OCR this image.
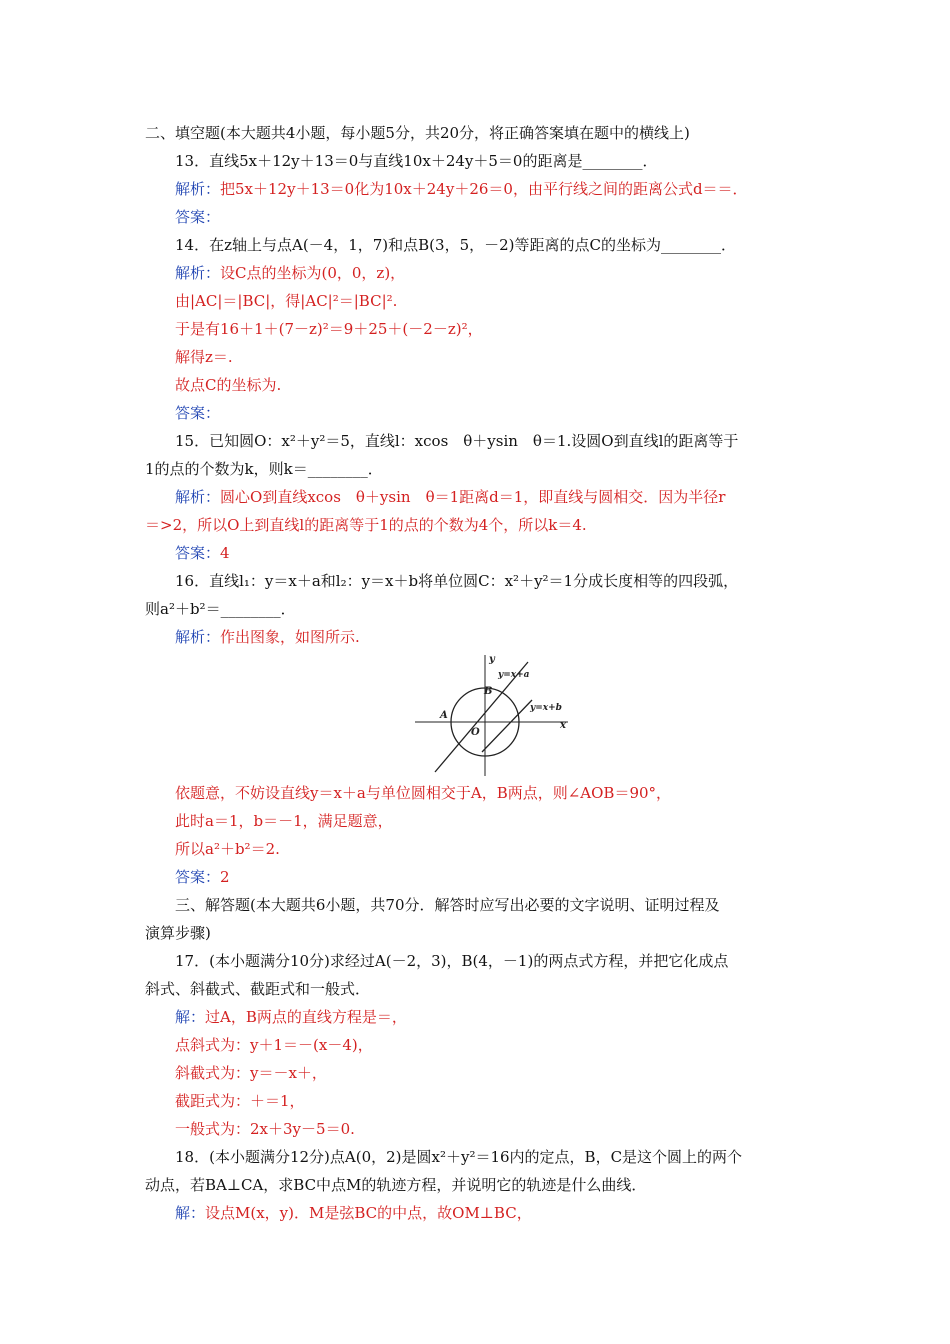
二、填空题(本大题共4小题，每小题5分，共20分，将正确答案填在题中的横线上)
13．直线5x＋12y＋13＝0与直线10x＋24y＋5＝0的距离是________．
解析：把5x＋12y＋13＝0化为10x＋24y＋26＝0，由平行线之间的距离公式d＝＝．
答案：
14．在z轴上与点A(－4，1，7)和点B(3，5，－2)等距离的点C的坐标为________．
解析：设C点的坐标为(0，0，z)，
由|AC|＝|BC|，得|AC|²＝|BC|².
于是有16＋1＋(7－z)²＝9＋25＋(－2－z)²，
解得z＝.
故点C的坐标为.
答案：
15．已知圆O：x²＋y²＝5，直线l：xcos　θ＋ysin　θ＝1.设圆O到直线l的距离等于
1的点的个数为k，则k＝________．
解析：圆心O到直线xcos　θ＋ysin　θ＝1距离d＝1，即直线与圆相交．因为半径r
＝>2，所以O上到直线l的距离等于1的点的个数为4个，所以k＝4.
答案：4
16．直线l₁：y＝x＋a和l₂：y＝x＋b将单位圆C：x²＋y²＝1分成长度相等的四段弧，
则a²＋b²＝________．
解析：作出图象，如图所示.
y
x
y=x+a
y=x+b
A
B
O
依题意，不妨设直线y＝x＋a与单位圆相交于A，B两点，则∠AOB＝90°，
此时a＝1，b＝－1，满足题意，
所以a²＋b²＝2.
答案：2
三、解答题(本大题共6小题，共70分．解答时应写出必要的文字说明、证明过程及
演算步骤)
17．(本小题满分10分)求经过A(－2，3)，B(4，－1)的两点式方程，并把它化成点
斜式、斜截式、截距式和一般式．
解：过A，B两点的直线方程是＝，
点斜式为：y＋1＝－(x－4)，
斜截式为：y＝－x＋，
截距式为：＋＝1，
一般式为：2x＋3y－5＝0.
18．(本小题满分12分)点A(0，2)是圆x²＋y²＝16内的定点，B，C是这个圆上的两个
动点，若BA⊥CA，求BC中点M的轨迹方程，并说明它的轨迹是什么曲线．
解：设点M(x，y)．M是弦BC的中点，故OM⊥BC，
